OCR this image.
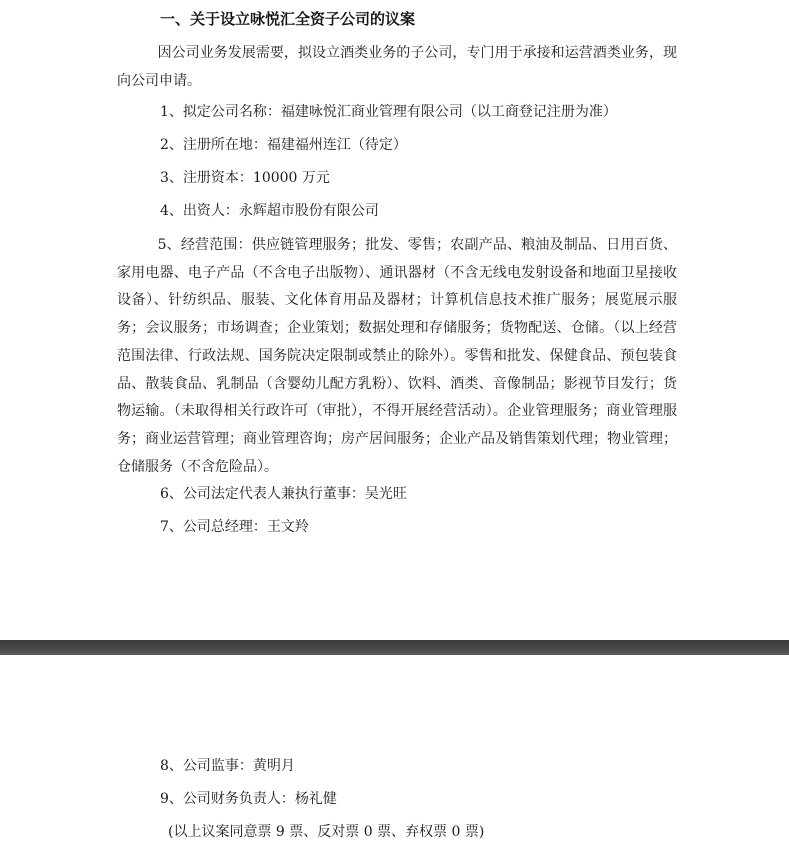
一、关于设立咏悦汇全资子公司的议案
因公司业务发展需要，拟设立酒类业务的子公司，专门用于承接和运营酒类业务，现向公司申请。
1、拟定公司名称：福建咏悦汇商业管理有限公司（以工商登记注册为准）
2、注册所在地：福建福州连江（待定）
3、注册资本：10000 万元
4、出资人：永辉超市股份有限公司
5、经营范围：供应链管理服务；批发、零售；农副产品、粮油及制品、日用百货、家用电器、电子产品（不含电子出版物）、通讯器材（不含无线电发射设备和地面卫星接收设备）、针纺织品、服装、文化体育用品及器材；计算机信息技术推广服务；展览展示服务；会议服务；市场调查；企业策划；数据处理和存储服务；货物配送、仓储。（以上经营范围法律、行政法规、国务院决定限制或禁止的除外）。零售和批发、保健食品、预包装食品、散装食品、乳制品（含婴幼儿配方乳粉）、饮料、酒类、音像制品；影视节目发行；货物运输。（未取得相关行政许可（审批），不得开展经营活动）。企业管理服务；商业管理服务；商业运营管理；商业管理咨询；房产居间服务；企业产品及销售策划代理；物业管理；仓储服务（不含危险品）。
6、公司法定代表人兼执行董事：吴光旺
7、公司总经理：王文羚
8、公司监事：黄明月
9、公司财务负责人：杨礼健
(以上议案同意票 9 票、反对票 0 票、弃权票 0 票)
